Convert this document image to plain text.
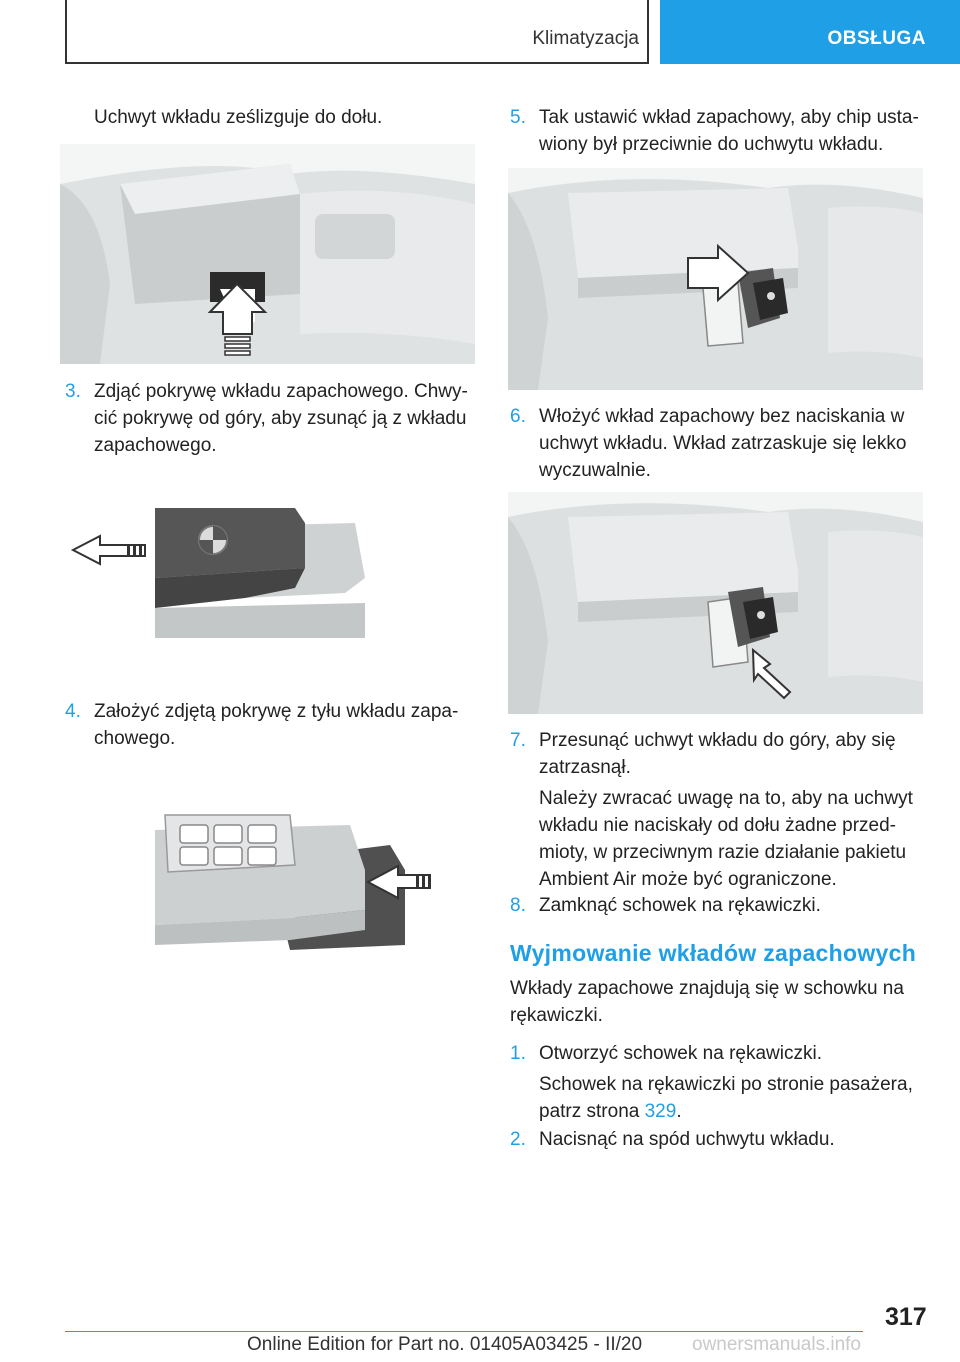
Klimatyzacja	OBSŁUGA
Uchwyt wkładu ześlizguje do dołu.
3. Zdjąć pokrywę wkładu zapachowego. Chwy-
cić pokrywę od góry, aby zsunąć ją z wkładu
zapachowego.
4. Założyć zdjętą pokrywę z tyłu wkładu zapa-
chowego.
5. Tak ustawić wkład zapachowy, aby chip usta-
wiony był przeciwnie do uchwytu wkładu.
6. Włożyć wkład zapachowy bez naciskania w
uchwyt wkładu. Wkład zatrzaskuje się lekko
wyczuwalnie.
7. Przesunąć uchwyt wkładu do góry, aby się
zatrzasnął.
Należy zwracać uwagę na to, aby na uchwyt
wkładu nie naciskały od dołu żadne przed-
mioty, w przeciwnym razie działanie pakietu
Ambient Air może być ograniczone.
8. Zamknąć schowek na rękawiczki.
Wyjmowanie wkładów zapachowych
Wkłady zapachowe znajdują się w schowku na
rękawiczki.
1. Otworzyć schowek na rękawiczki.
Schowek na rękawiczki po stronie pasażera,
patrz strona 329.
2. Nacisnąć na spód uchwytu wkładu.
317
Online Edition for Part no. 01405A03425 - II/20	ownersmanuals.info
